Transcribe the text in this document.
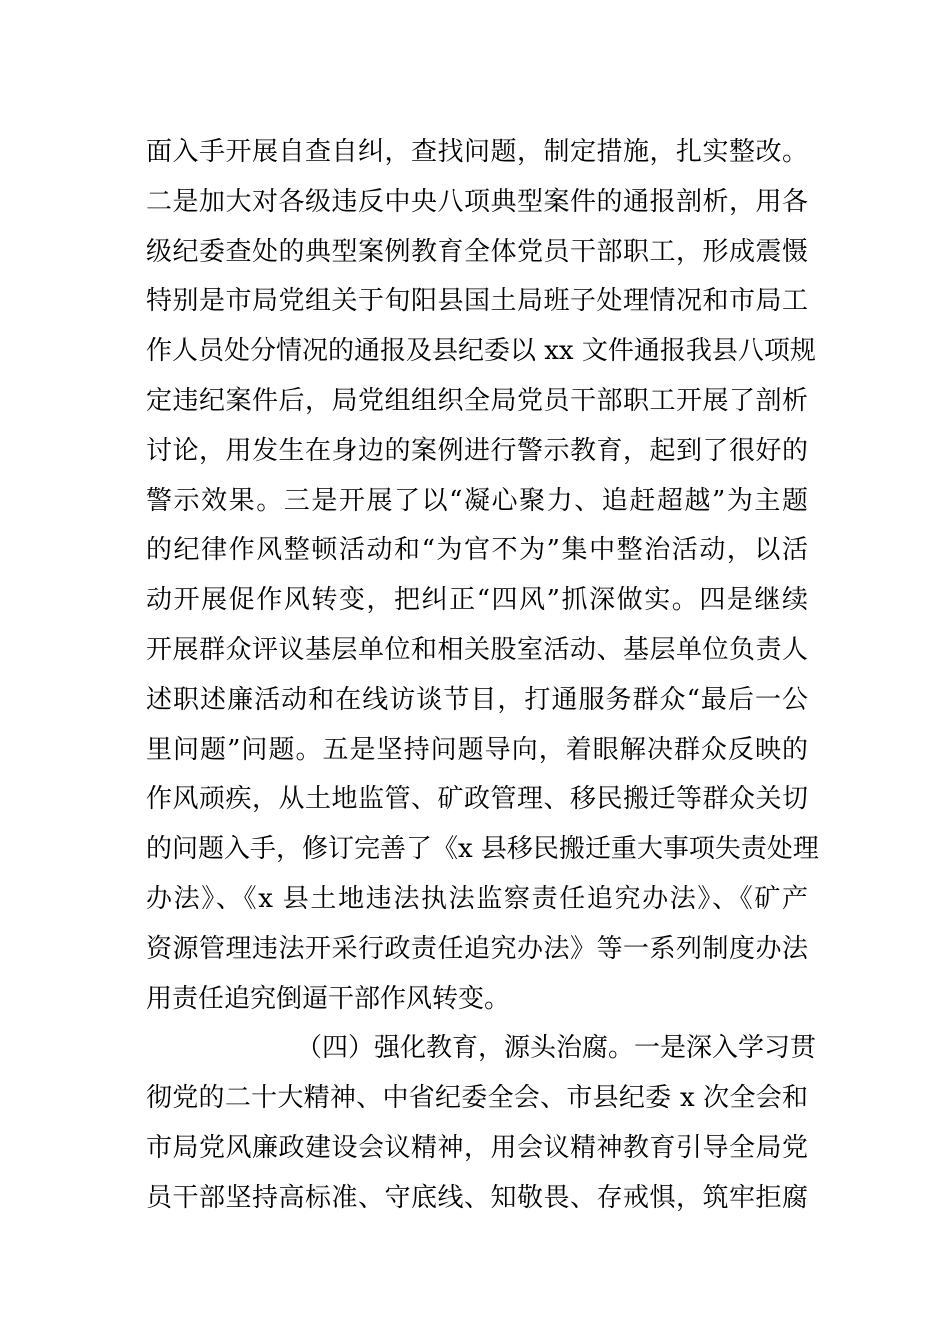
面入手开展自查自纠，查找问题，制定措施，扎实整改。
二是加大对各级违反中央八项典型案件的通报剖析，用各
级纪委查处的典型案例教育全体党员干部职工，形成震慑
特别是市局党组关于旬阳县国土局班子处理情况和市局工
作人员处分情况的通报及县纪委以 xx 文件通报我县八项规
定违纪案件后，局党组组织全局党员干部职工开展了剖析
讨论，用发生在身边的案例进行警示教育，起到了很好的
警示效果。三是开展了以“凝心聚力、追赶超越”为主题
的纪律作风整顿活动和“为官不为”集中整治活动，以活
动开展促作风转变，把纠正“四风”抓深做实。四是继续
开展群众评议基层单位和相关股室活动、基层单位负责人
述职述廉活动和在线访谈节目，打通服务群众“最后一公
里问题”问题。五是坚持问题导向，着眼解决群众反映的
作风顽疾，从土地监管、矿政管理、移民搬迁等群众关切
的问题入手，修订完善了《x 县移民搬迁重大事项失责处理
办法》、《x 县土地违法执法监察责任追究办法》、《矿产
资源管理违法开采行政责任追究办法》等一系列制度办法
用责任追究倒逼干部作风转变。
（四）强化教育，源头治腐。一是深入学习贯
彻党的二十大精神、中省纪委全会、市县纪委 x 次全会和
市局党风廉政建设会议精神，用会议精神教育引导全局党
员干部坚持高标准、守底线、知敬畏、存戒惧，筑牢拒腐
